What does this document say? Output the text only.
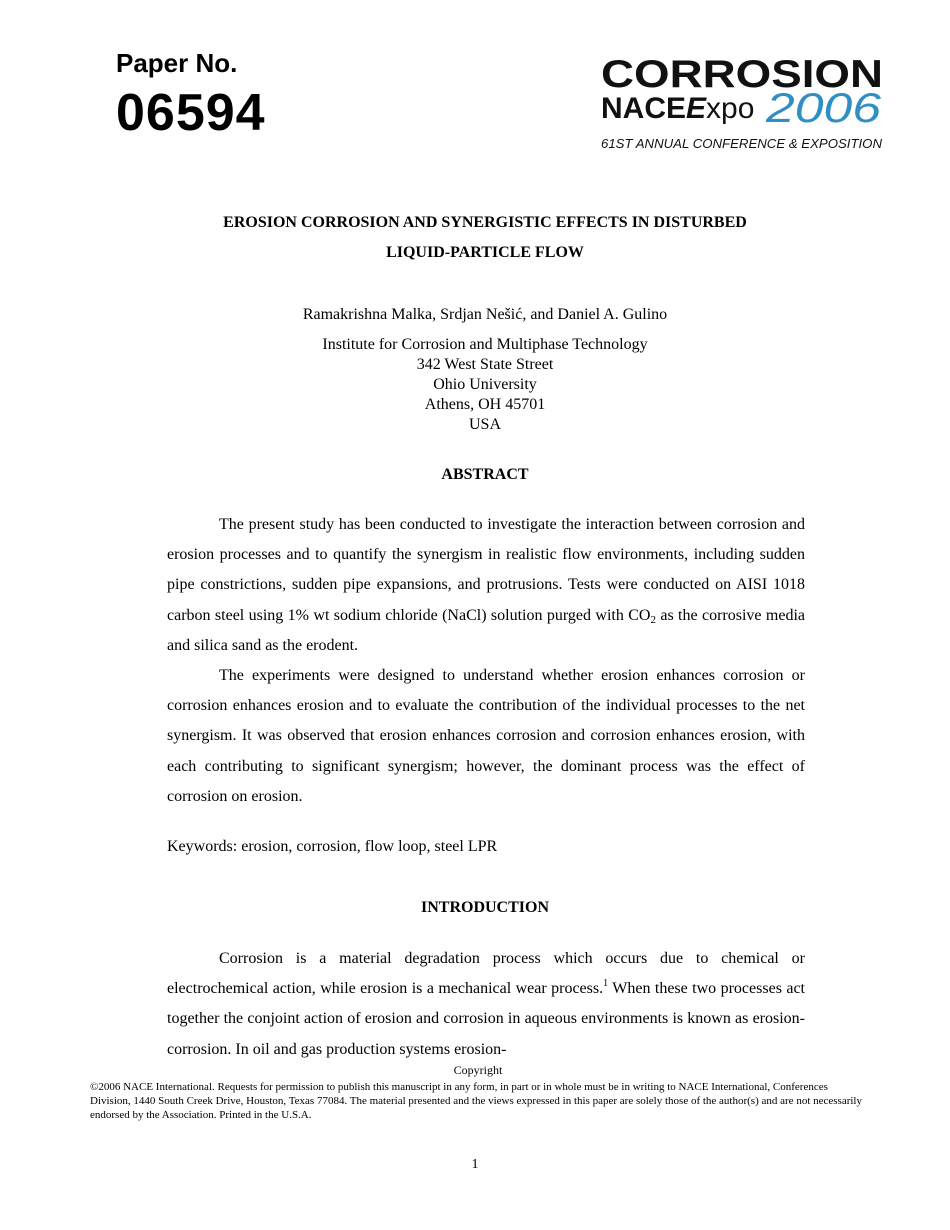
Paper No.
06594
CORROSION
NACEExpo 2006
61ST ANNUAL CONFERENCE & EXPOSITION
EROSION CORROSION AND SYNERGISTIC EFFECTS IN DISTURBED
LIQUID-PARTICLE FLOW
Ramakrishna Malka, Srdjan Nešić, and Daniel A. Gulino
Institute for Corrosion and Multiphase Technology
342 West State Street
Ohio University
Athens, OH 45701
USA
ABSTRACT

The present study has been conducted to investigate the interaction between corrosion and erosion processes and to quantify the synergism in realistic flow environments, including sudden pipe constrictions, sudden pipe expansions, and protrusions. Tests were conducted on AISI 1018 carbon steel using 1% wt sodium chloride (NaCl) solution purged with $CO_2$ as the corrosive media and silica sand as the erodent.

The experiments were designed to understand whether erosion enhances corrosion or corrosion enhances erosion and to evaluate the contribution of the individual processes to the net synergism. It was observed that erosion enhances corrosion and corrosion enhances erosion, with each contributing to significant synergism; however, the dominant process was the effect of corrosion on erosion.

Keywords: erosion, corrosion, flow loop, steel LPR
INTRODUCTION

Corrosion is a material degradation process which occurs due to chemical or electrochemical action, while erosion is a mechanical wear process.$^1$ When these two processes act together the conjoint action of erosion and corrosion in aqueous environments is known as erosion-corrosion. In oil and gas production systems erosion-

Copyright
©2006 NACE International. Requests for permission to publish this manuscript in any form, in part or in whole must be in writing to NACE International, Conferences Division, 1440 South Creek Drive, Houston, Texas 77084. The material presented and the views expressed in this paper are solely those of the author(s) and are not necessarily endorsed by the Association. Printed in the U.S.A.
1
